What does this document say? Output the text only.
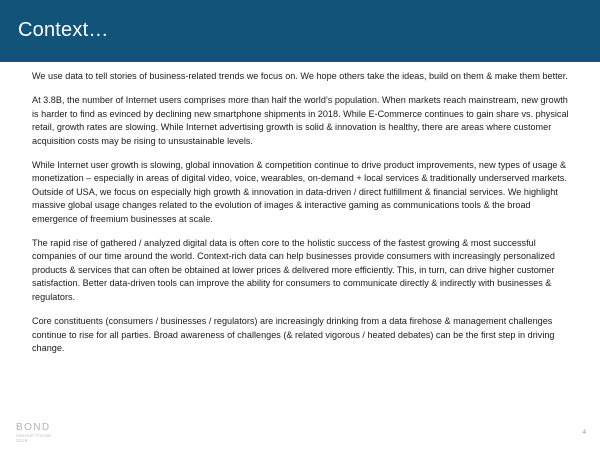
Context…

We use data to tell stories of business-related trends we focus on. We hope others take the ideas, build on them & make them better.

At 3.8B, the number of Internet users comprises more than half the world’s population. When markets reach mainstream, new growth is harder to find as evinced by declining new smartphone shipments in 2018. While E-Commerce continues to gain share vs. physical retail, growth rates are slowing. While Internet advertising growth is solid & innovation is healthy, there are areas where customer acquisition costs may be rising to unsustainable levels.

While Internet user growth is slowing, global innovation & competition continue to drive product improvements, new types of usage & monetization – especially in areas of digital video, voice, wearables, on-demand + local services & traditionally underserved markets. Outside of USA, we focus on especially high growth & innovation in data-driven / direct fulfillment & financial services. We highlight massive global usage changes related to the evolution of images & interactive gaming as communications tools & the broad emergence of freemium businesses at scale.

The rapid rise of gathered / analyzed digital data is often core to the holistic success of the fastest growing & most successful companies of our time around the world. Context-rich data can help businesses provide consumers with increasingly personalized products & services that can often be obtained at lower prices & delivered more efficiently. This, in turn, can drive higher customer satisfaction. Better data-driven tools can improve the ability for consumers to communicate directly & indirectly with businesses & regulators.

Core constituents (consumers / businesses / regulators) are increasingly drinking from a data firehose & management challenges continue to rise for all parties. Broad awareness of challenges (& related vigorous / heated debates) can be the first step in driving change.

BOND
Internet Trends
2019
4
